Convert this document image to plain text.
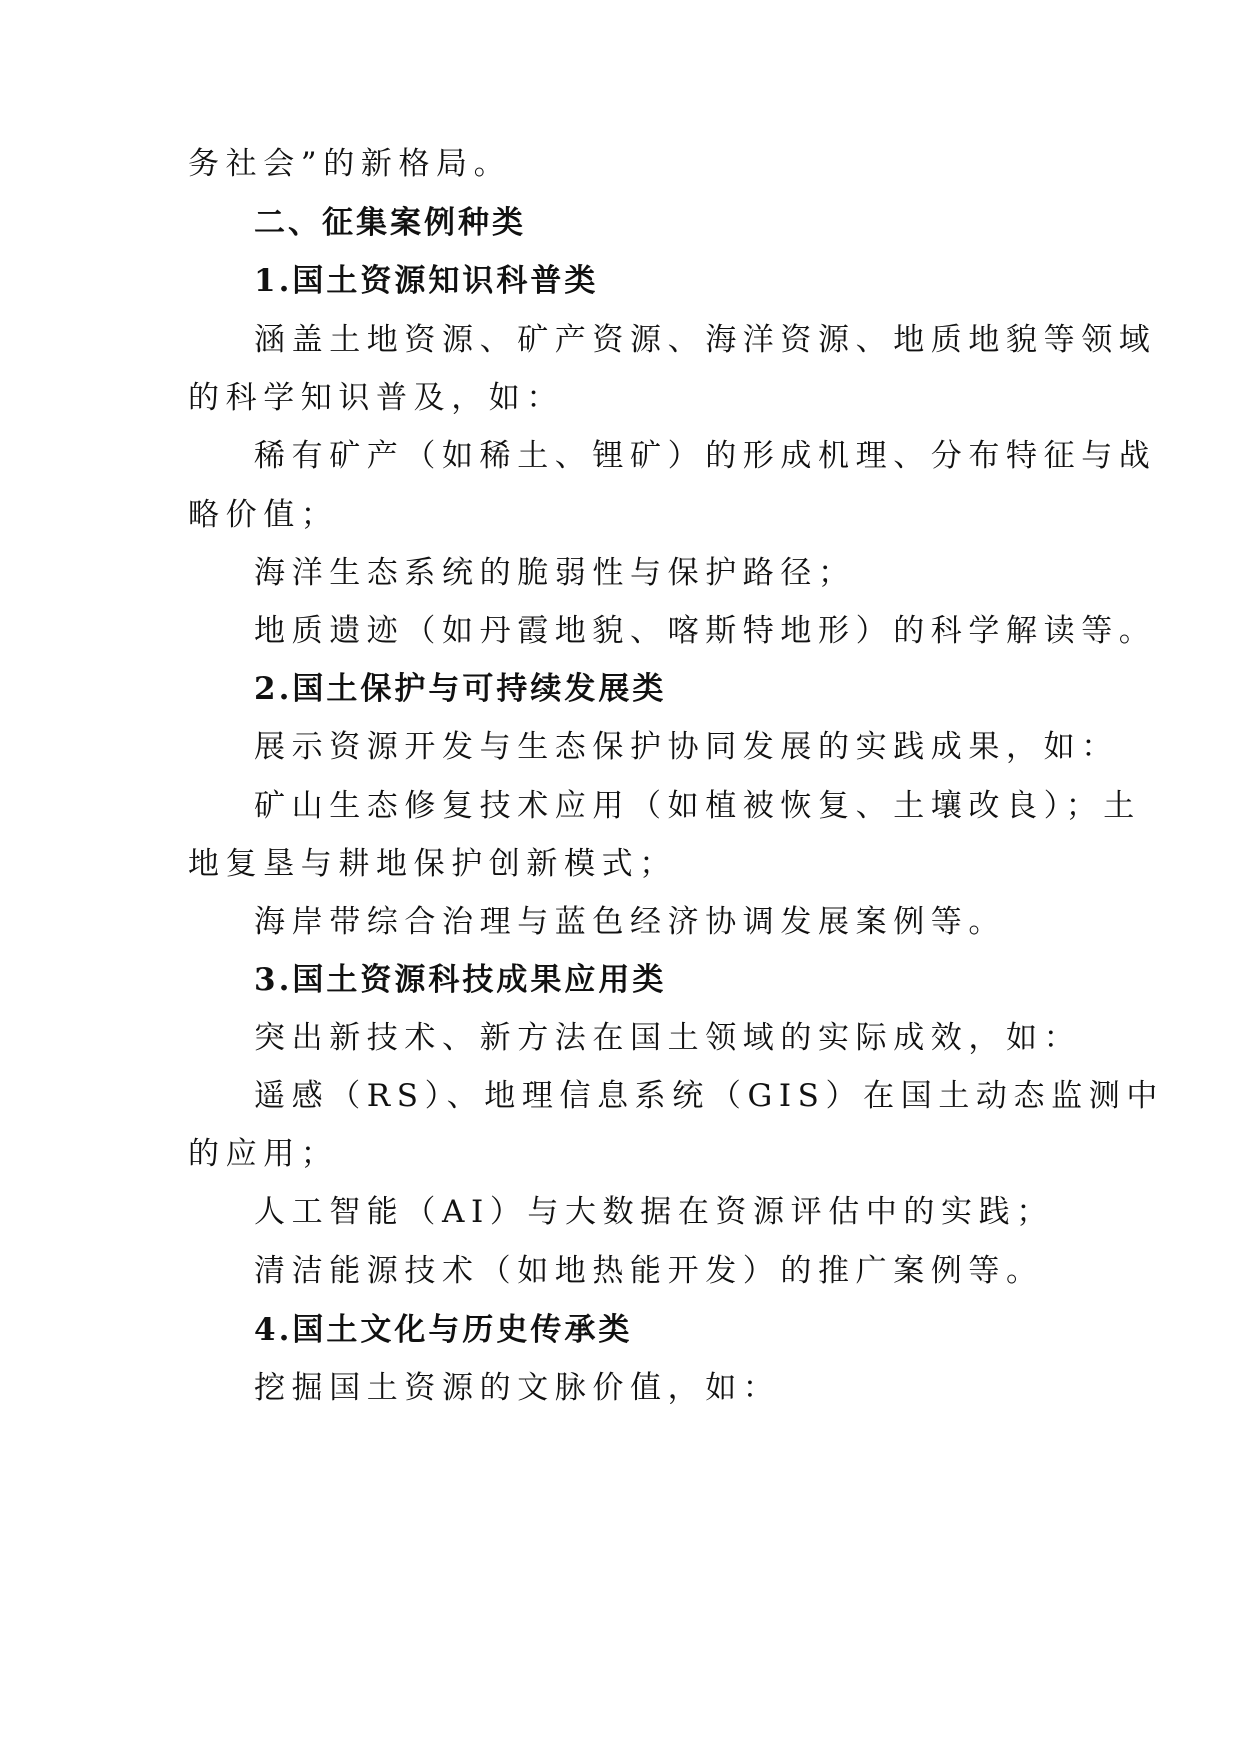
务社会”的新格局。
二、征集案例种类
1.国土资源知识科普类
涵盖土地资源、矿产资源、海洋资源、地质地貌等领域
的科学知识普及，如：
稀有矿产（如稀土、锂矿）的形成机理、分布特征与战
略价值；
海洋生态系统的脆弱性与保护路径；
地质遗迹（如丹霞地貌、喀斯特地形）的科学解读等。
2.国土保护与可持续发展类
展示资源开发与生态保护协同发展的实践成果，如：
矿山生态修复技术应用（如植被恢复、土壤改良）；土
地复垦与耕地保护创新模式；
海岸带综合治理与蓝色经济协调发展案例等。
3.国土资源科技成果应用类
突出新技术、新方法在国土领域的实际成效，如：
遥感（RS）、地理信息系统（GIS）在国土动态监测中
的应用；
人工智能（AI）与大数据在资源评估中的实践；
清洁能源技术（如地热能开发）的推广案例等。
4.国土文化与历史传承类
挖掘国土资源的文脉价值，如：
